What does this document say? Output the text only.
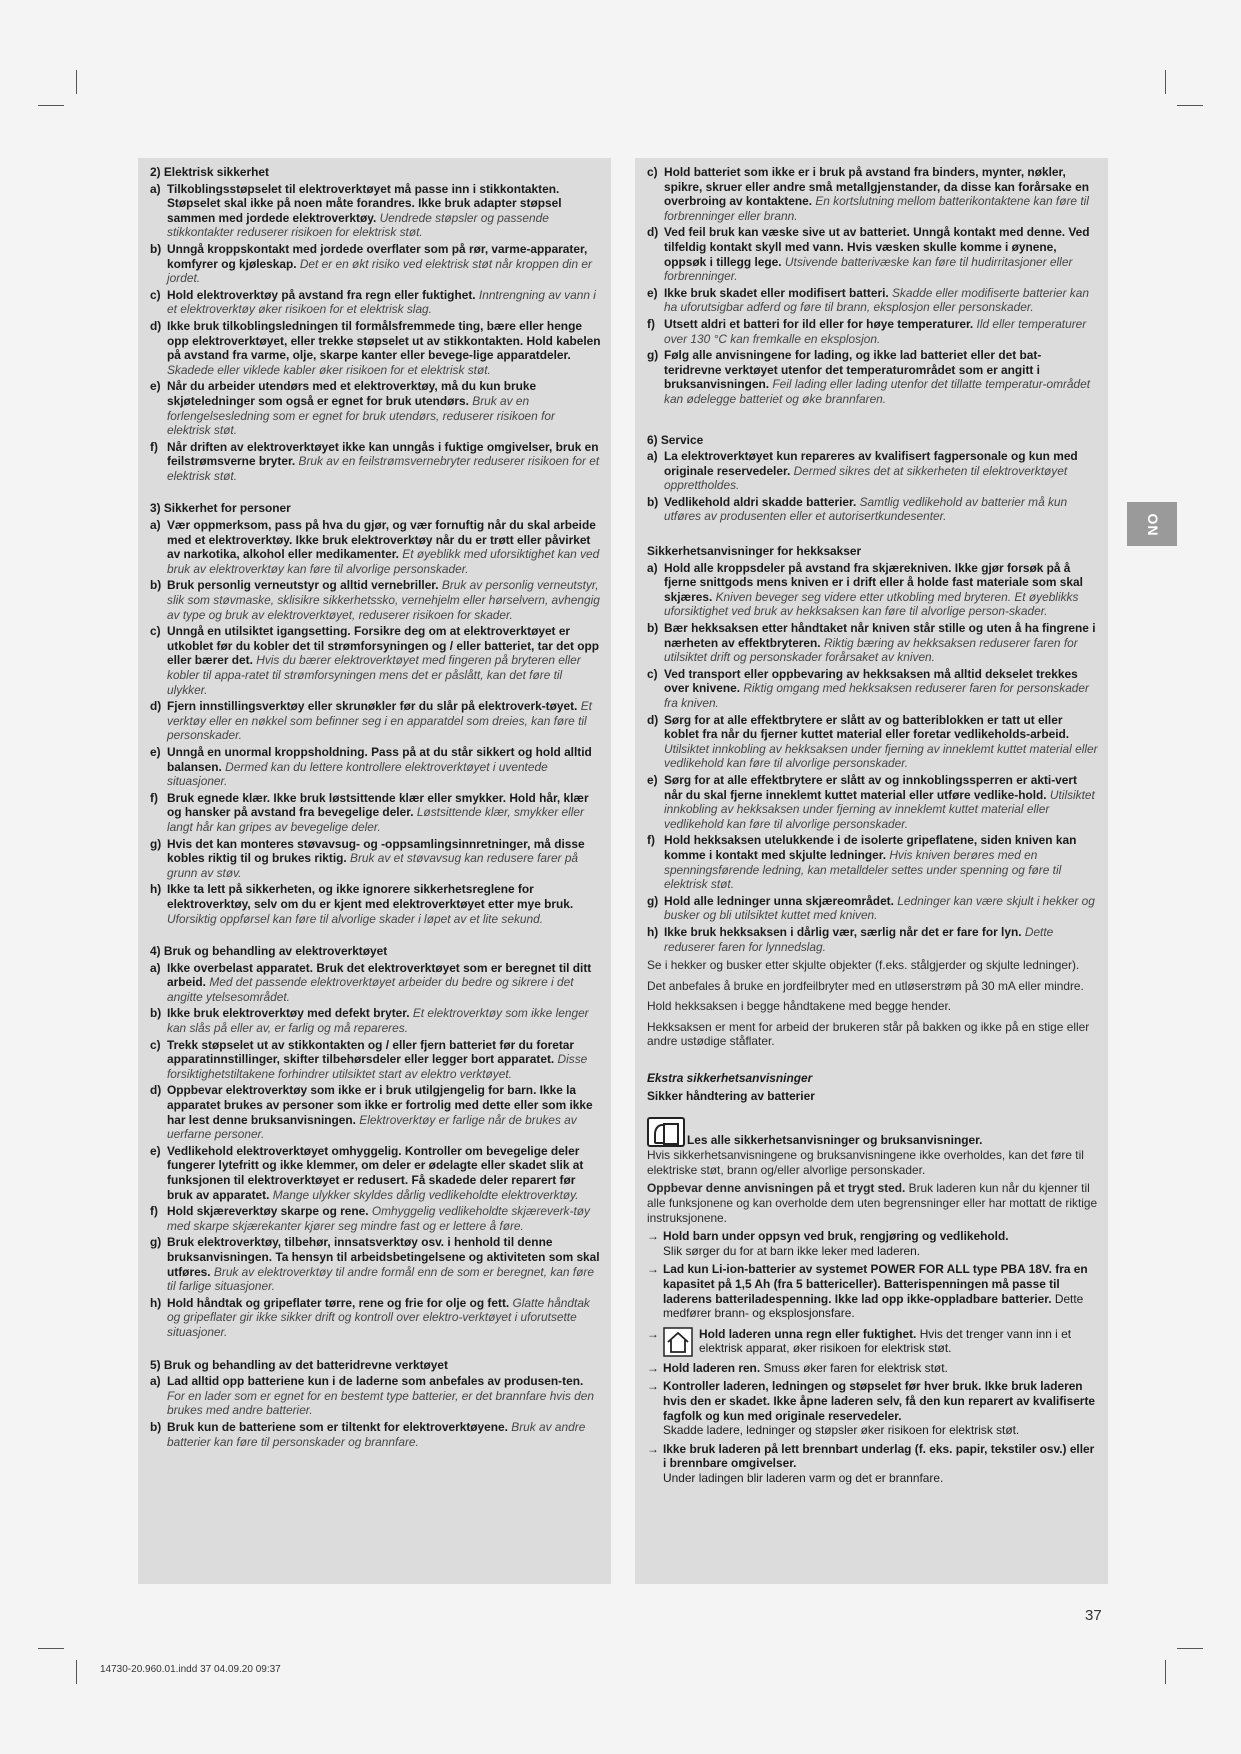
2) Elektrisk sikkerhet
a) Tilkoblingsstøpselet til elektroverktøyet må passe inn i stikkontakten. Støpselet skal ikke på noen måte forandres. Ikke bruk adapter støpsel sammen med jordede elektroverktøy. Uendrede støpsler og passende stikkontakter reduserer risikoen for elektrisk støt.
b) Unngå kroppskontakt med jordede overflater som på rør, varme-apparater, komfyrer og kjøleskap. Det er en økt risiko ved elektrisk støt når kroppen din er jordet.
c) Hold elektroverktøy på avstand fra regn eller fuktighet. Inntrengning av vann i et elektroverktøy øker risikoen for et elektrisk slag.
d) Ikke bruk tilkoblingsledningen til formålsfremmede ting, bære eller henge opp elektroverktøyet, eller trekke støpselet ut av stikkontakten. Hold kabelen på avstand fra varme, olje, skarpe kanter eller bevege-lige apparatdeler. Skadede eller viklede kabler øker risikoen for et elektrisk støt.
e) Når du arbeider utendørs med et elektroverktøy, må du kun bruke skjøteledninger som også er egnet for bruk utendørs. Bruk av en forlengelsesledning som er egnet for bruk utendørs, reduserer risikoen for elektrisk støt.
f) Når driften av elektroverktøyet ikke kan unngås i fuktige omgivelser, bruk en feilstrømsverne bryter. Bruk av en feilstrømsvernebryter reduserer risikoen for et elektrisk støt.
3) Sikkerhet for personer
a) Vær oppmerksom, pass på hva du gjør, og vær fornuftig når du skal arbeide med et elektroverktøy. Ikke bruk elektroverktøy når du er trøtt eller påvirket av narkotika, alkohol eller medikamenter. Et øyeblikk med uforsiktighet kan ved bruk av elektroverktøy kan føre til alvorlige personskader.
b) Bruk personlig verneutstyr og alltid vernebriller. Bruk av personlig verneutstyr, slik som støvmaske, sklisikre sikkerhetssko, vernehjelm eller hørselvern, avhengig av type og bruk av elektroverktøyet, reduserer risikoen for skader.
c) Unngå en utilsiktet igangsetting. Forsikre deg om at elektroverktøyet er utkoblet før du kobler det til strømforsyningen og / eller batteriet, tar det opp eller bærer det. Hvis du bærer elektroverktøyet med fingeren på bryteren eller kobler til appa-ratet til strømforsyningen mens det er påslått, kan det føre til ulykker.
d) Fjern innstillingsverktøy eller skrunøkler før du slår på elektroverk-tøyet. Et verktøy eller en nøkkel som befinner seg i en apparatdel som dreies, kan føre til personskader.
e) Unngå en unormal kroppsholdning. Pass på at du står sikkert og hold alltid balansen. Dermed kan du lettere kontrollere elektroverktøyet i uventede situasjoner.
f) Bruk egnede klær. Ikke bruk løstsittende klær eller smykker. Hold hår, klær og hansker på avstand fra bevegelige deler. Løstsittende klær, smykker eller langt hår kan gripes av bevegelige deler.
g) Hvis det kan monteres støvavsug- og -oppsamlingsinnretninger, må disse kobles riktig til og brukes riktig. Bruk av et støvavsug kan redusere farer på grunn av støv.
h) Ikke ta lett på sikkerheten, og ikke ignorere sikkerhetsreglene for elektroverktøy, selv om du er kjent med elektroverktøyet etter mye bruk. Uforsiktig oppførsel kan føre til alvorlige skader i løpet av et lite sekund.
4) Bruk og behandling av elektroverktøyet
a) Ikke overbelast apparatet. Bruk det elektroverktøyet som er beregnet til ditt arbeid. Med det passende elektroverktøyet arbeider du bedre og sikrere i det angitte ytelsesområdet.
b) Ikke bruk elektroverktøy med defekt bryter. Et elektroverktøy som ikke lenger kan slås på eller av, er farlig og må repareres.
c) Trekk støpselet ut av stikkontakten og / eller fjern batteriet før du foretar apparatinnstillinger, skifter tilbehørsdeler eller legger bort apparatet. Disse forsiktighetstiltakene forhindrer utilsiktet start av elektro verktøyet.
d) Oppbevar elektroverktøy som ikke er i bruk utilgjengelig for barn. Ikke la apparatet brukes av personer som ikke er fortrolig med dette eller som ikke har lest denne bruksanvisningen. Elektroverktøy er farlige når de brukes av uerfarne personer.
e) Vedlikehold elektroverktøyet omhyggelig. Kontroller om bevegelige deler fungerer lytefritt og ikke klemmer, om deler er ødelagte eller skadet slik at funksjonen til elektroverktøyet er redusert. Få skadede deler reparert før bruk av apparatet. Mange ulykker skyldes dårlig vedlikeholdte elektroverktøy.
f) Hold skjæreverktøy skarpe og rene. Omhyggelig vedlikeholdte skjæreverk-tøy med skarpe skjærekanter kjører seg mindre fast og er lettere å føre.
g) Bruk elektroverktøy, tilbehør, innsatsverktøy osv. i henhold til denne bruksanvisningen. Ta hensyn til arbeidsbetingelsene og aktiviteten som skal utføres. Bruk av elektroverktøy til andre formål enn de som er beregnet, kan føre til farlige situasjoner.
h) Hold håndtak og gripeflater tørre, rene og frie for olje og fett. Glatte håndtak og gripeflater gir ikke sikker drift og kontroll over elektro-verktøyet i uforutsette situasjoner.
5) Bruk og behandling av det batteridrevne verktøyet
a) Lad alltid opp batteriene kun i de laderne som anbefales av produsen-ten. For en lader som er egnet for en bestemt type batterier, er det brannfare hvis den brukes med andre batterier.
b) Bruk kun de batteriene som er tiltenkt for elektroverktøyene. Bruk av andre batterier kan føre til personskader og brannfare.
c) Hold batteriet som ikke er i bruk på avstand fra binders, mynter, nøkler, spikre, skruer eller andre små metallgjenstander, da disse kan forårsake en overbroing av kontaktene. En kortslutning mellom batterikontaktene kan føre til forbrenninger eller brann.
d) Ved feil bruk kan væske sive ut av batteriet. Unngå kontakt med denne. Ved tilfeldig kontakt skyll med vann. Hvis væsken skulle komme i øynene, oppsøk i tillegg lege. Utsivende batterivæske kan føre til hudirritasjoner eller forbrenninger.
e) Ikke bruk skadet eller modifisert batteri. Skadde eller modifiserte batterier kan ha uforutsigbar adferd og føre til brann, eksplosjon eller personskader.
f) Utsett aldri et batteri for ild eller for høye temperaturer. Ild eller temperaturer over 130 °C kan fremkalle en eksplosjon.
g) Følg alle anvisningene for lading, og ikke lad batteriet eller det bat-teridrevne verktøyet utenfor det temperaturområdet som er angitt i bruksanvisningen. Feil lading eller lading utenfor det tillatte temperatur-området kan ødelegge batteriet og øke brannfaren.
6) Service
a) La elektroverktøyet kun repareres av kvalifisert fagpersonale og kun med originale reservedeler. Dermed sikres det at sikkerheten til elektroverktøyet opprettholdes.
b) Vedlikehold aldri skadde batterier. Samtlig vedlikehold av batterier må kun utføres av produsenten eller et autorisertkundesenter.
Sikkerhetsanvisninger for hekksakser
a) Hold alle kroppsdeler på avstand fra skjærekniven. Ikke gjør forsøk på å fjerne snittgods mens kniven er i drift eller å holde fast materiale som skal skjæres. Kniven beveger seg videre etter utkobling med bryteren. Et øyeblikks uforsiktighet ved bruk av hekksaksen kan føre til alvorlige person-skader.
b) Bær hekksaksen etter håndtaket når kniven står stille og uten å ha fingrene i nærheten av effektbryteren. Riktig bæring av hekksaksen reduserer faren for utilsiktet drift og personskader forårsaket av kniven.
c) Ved transport eller oppbevaring av hekksaksen må alltid dekselet trekkes over knivene. Riktig omgang med hekksaksen reduserer faren for personskader fra kniven.
d) Sørg for at alle effektbrytere er slått av og batteriblokken er tatt ut eller koblet fra når du fjerner kuttet material eller foretar vedlikeholds-arbeid. Utilsiktet innkobling av hekksaksen under fjerning av inneklemt kuttet material eller vedlikehold kan føre til alvorlige personskader.
e) Sørg for at alle effektbrytere er slått av og innkoblingssperren er akti-vert når du skal fjerne inneklemt kuttet material eller utføre vedlike-hold. Utilsiktet innkobling av hekksaksen under fjerning av inneklemt kuttet material eller vedlikehold kan føre til alvorlige personskader.
f) Hold hekksaksen utelukkende i de isolerte gripeflatene, siden kniven kan komme i kontakt med skjulte ledninger. Hvis kniven berøres med en spenningsførende ledning, kan metalldeler settes under spenning og føre til elektrisk støt.
g) Hold alle ledninger unna skjæreområdet. Ledninger kan være skjult i hekker og busker og bli utilsiktet kuttet med kniven.
h) Ikke bruk hekksaksen i dårlig vær, særlig når det er fare for lyn. Dette reduserer faren for lynnedslag.
Se i hekker og busker etter skjulte objekter (f.eks. stålgjerder og skjulte ledninger).
Det anbefales å bruke en jordfeilbryter med en utløserstrøm på 30 mA eller mindre.
Hold hekksaksen i begge håndtakene med begge hender.
Hekksaksen er ment for arbeid der brukeren står på bakken og ikke på en stige eller andre ustødige ståflater.
Ekstra sikkerhetsanvisninger
Sikker håndtering av batterier
Les alle sikkerhetsanvisninger og bruksanvisninger.
Hvis sikkerhetsanvisningene og bruksanvisningene ikke overholdes, kan det føre til elektriske støt, brann og/eller alvorlige personskader.
Oppbevar denne anvisningen på et trygt sted. Bruk laderen kun når du kjenner til alle funksjonene og kan overholde dem uten begrensninger eller har mottatt de riktige instruksjonene.
→ Hold barn under oppsyn ved bruk, rengjøring og vedlikehold.
Slik sørger du for at barn ikke leker med laderen.
→ Lad kun Li-ion-batterier av systemet POWER FOR ALL type PBA 18V. fra en kapasitet på 1,5 Ah (fra 5 battericeller). Batterispenningen må passe til laderens batteriladespenning. Ikke lad opp ikke-oppladbare batterier. Dette medfører brann- og eksplosjonsfare.
→	Hold laderen unna regn eller fuktighet. Hvis det trenger vann inn i et elektrisk apparat, øker risikoen for elektrisk støt.
→ Hold laderen ren. Smuss øker faren for elektrisk støt.
→ Kontroller laderen, ledningen og støpselet før hver bruk. Ikke bruk laderen hvis den er skadet. Ikke åpne laderen selv, få den kun reparert av kvalifiserte fagfolk og kun med originale reservedeler.
Skadde ladere, ledninger og støpsler øker risikoen for elektrisk støt.
→ Ikke bruk laderen på lett brennbart underlag (f. eks. papir, tekstiler osv.) eller i brennbare omgivelser.
Under ladingen blir laderen varm og det er brannfare.
NO
37
14730-20.960.01.indd 37 04.09.20 09:37
